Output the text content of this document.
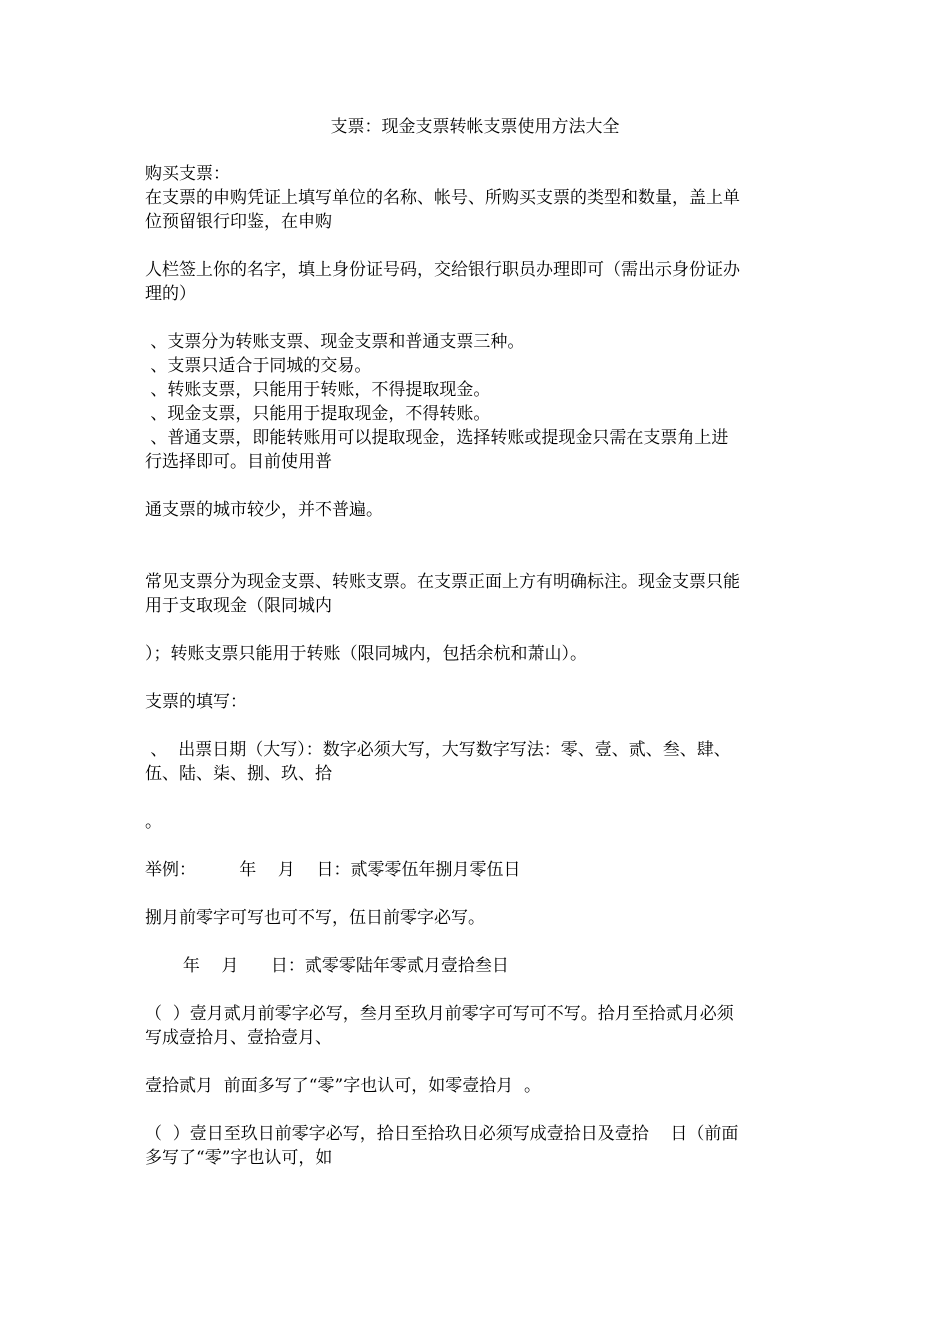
支票：现金支票转帐支票使用方法大全
购买支票：
在支票的申购凭证上填写单位的名称、帐号、所购买支票的类型和数量，盖上单
位预留银行印鉴，在申购
人栏签上你的名字，填上身份证号码，交给银行职员办理即可（需出示身份证办
理的）
、支票分为转账支票、现金支票和普通支票三种。
、支票只适合于同城的交易。
、转账支票，只能用于转账，不得提取现金。
、现金支票，只能用于提取现金，不得转账。
、普通支票，即能转账用可以提取现金，选择转账或提现金只需在支票角上进
行选择即可。目前使用普
通支票的城市较少，并不普遍。
常见支票分为现金支票、转账支票。在支票正面上方有明确标注。现金支票只能
用于支取现金（限同城内
）；转账支票只能用于转账（限同城内，包括余杭和萧山）。
支票的填写：
、  出票日期（大写）：数字必须大写，大写数字写法：零、壹、贰、叁、肆、
伍、陆、柒、捌、玖、拾
。
举例：        年    月    日：贰零零伍年捌月零伍日
捌月前零字可写也可不写，伍日前零字必写。
年    月      日：贰零零陆年零贰月壹拾叁日
（  ）壹月贰月前零字必写，叁月至玖月前零字可写可不写。拾月至拾贰月必须
写成壹拾月、壹拾壹月、
壹拾贰月  前面多写了“零”字也认可，如零壹拾月  。
（  ）壹日至玖日前零字必写，拾日至拾玖日必须写成壹拾日及壹拾    日（前面
多写了“零”字也认可，如
